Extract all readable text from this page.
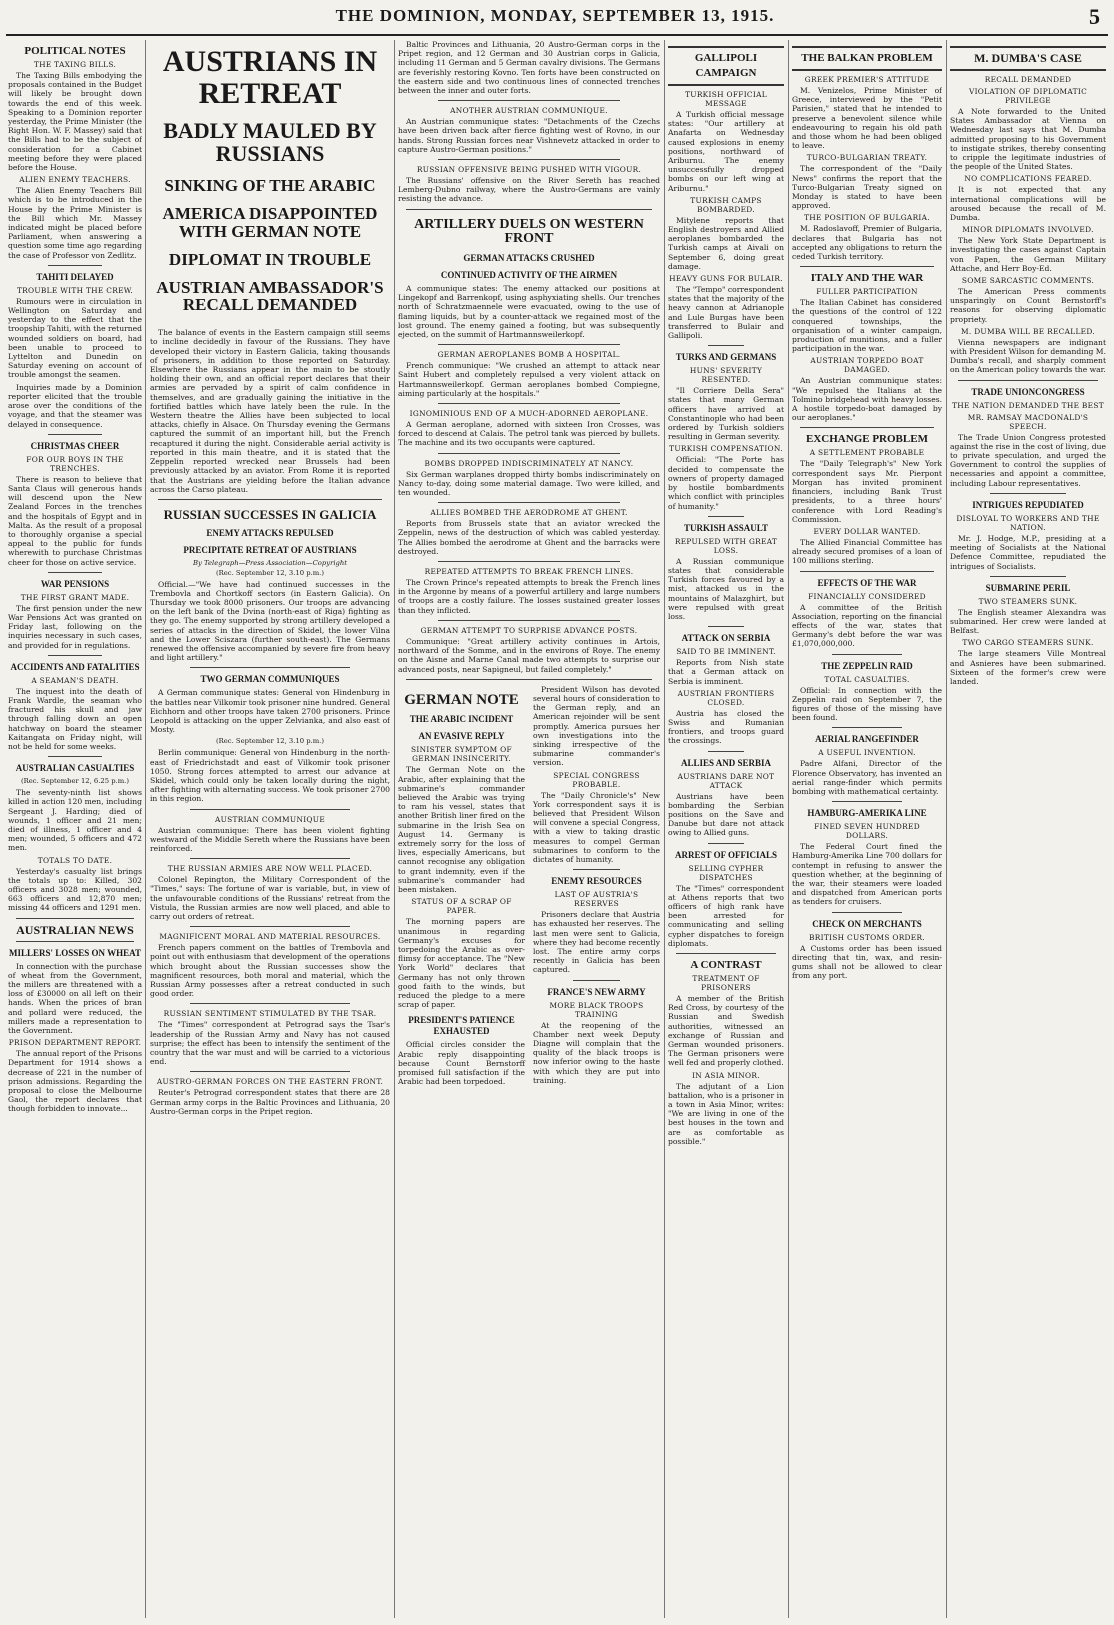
THE DOMINION, MONDAY, SEPTEMBER 13, 1915.	5
POLITICAL NOTES
THE TAXING BILLS.

The Taxing Bills embodying the proposals contained in the Budget will likely be brought down towards the end of this week. Speaking to a Dominion reporter yesterday, the Prime Minister (the Right Hon. W. F. Massey) said that the Bills had to be the subject of consideration for a Cabinet meeting before they were placed before the House.

ALIEN ENEMY TEACHERS.

The Alien Enemy Teachers Bill which is to be introduced in the House by the Prime Minister is the Bill which Mr. Massey indicated might be placed before Parliament, when answering a question some time ago regarding the case of Professor von Zedlitz.

TAHITI DELAYED
TROUBLE WITH THE CREW.

Rumours were in circulation in Wellington on Saturday and yesterday to the effect that the troopship Tahiti, with the returned wounded soldiers on board, had been unable to proceed to Lyttelton and Dunedin on Saturday evening on account of trouble amongst the seamen.

Inquiries made by a Dominion reporter elicited that the trouble arose over the conditions of the voyage, and that the steamer was delayed in consequence.

CHRISTMAS CHEER
FOR OUR BOYS IN THE TRENCHES.

There is reason to believe that Santa Claus will generous hands will descend upon the New Zealand Forces in the trenches and the hospitals of Egypt and in Malta. As the result of a proposal to thoroughly organise a special appeal to the public for funds wherewith to purchase Christmas cheer for those on active service.

WAR PENSIONS
THE FIRST GRANT MADE.

The first pension under the new War Pensions Act was granted on Friday last, following on the inquiries necessary in such cases, and provided for in regulations.

ACCIDENTS AND FATALITIES
A SEAMAN'S DEATH.

The inquest into the death of Frank Wardle, the seaman who fractured his skull and jaw through falling down an open hatchway on board the steamer Kaitangata on Friday night, will not be held for some weeks.

AUSTRALIAN CASUALTIES
(Rec. September 12, 6.25 p.m.)

The seventy-ninth list shows killed in action 120 men, including Sergeant J. Harding; died of wounds, 1 officer and 21 men; died of illness, 1 officer and 4 men; wounded, 5 officers and 472 men.

TOTALS TO DATE.

Yesterday's casualty list brings the totals up to: Killed, 302 officers and 3028 men; wounded, 663 officers and 12,870 men; missing 44 officers and 1291 men.

AUSTRALIAN NEWS
MILLERS' LOSSES ON WHEAT

In connection with the purchase of wheat from the Government, the millers are threatened with a loss of £30000 on all left on their hands. When the prices of bran and pollard were reduced, the millers made a representation to the Government.

PRISON DEPARTMENT REPORT.

The annual report of the Prisons Department for 1914 shows a decrease of 221 in the number of prison admissions. Regarding the proposal to close the Melbourne Gaol, the report declares that though forbidden to innovate...

AUSTRIANS IN RETREAT
BADLY MAULED BY RUSSIANS
SINKING OF THE ARABIC
AMERICA DISAPPOINTED WITH GERMAN NOTE
DIPLOMAT IN TROUBLE
AUSTRIAN AMBASSADOR'S RECALL DEMANDED

The balance of events in the Eastern campaign still seems to incline decidedly in favour of the Russians. They have developed their victory in Eastern Galicia, taking thousands of prisoners, in addition to those reported on Saturday. Elsewhere the Russians appear in the main to be stoutly holding their own, and an official report declares that their armies are pervaded by a spirit of calm confidence in themselves, and are gradually gaining the initiative in the fortified battles which have lately been the rule. In the Western theatre the Allies have been subjected to local attacks, chiefly in Alsace. On Thursday evening the Germans captured the summit of an important hill, but the French recaptured it during the night. Considerable aerial activity is reported in this main theatre, and it is stated that the Zeppelin reported wrecked near Brussels had been previously attacked by an aviator. From Rome it is reported that the Austrians are yielding before the Italian advance across the Carso plateau.

RUSSIAN SUCCESSES IN GALICIA
ENEMY ATTACKS REPULSED
PRECIPITATE RETREAT OF AUSTRIANS
By Telegraph—Press Association—Copyright
(Rec. September 12, 3.10 p.m.)

Official.—"We have had continued successes in the Trembovla and Chortkoff sectors (in Eastern Galicia). On Thursday we took 8000 prisoners. Our troops are advancing on the left bank of the Dvina (north-east of Riga) fighting as they go. The enemy supported by strong artillery developed a series of attacks in the direction of Skidel, the lower Vilna and the Lower Sciszara (further south-east). The Germans renewed the offensive accompanied by severe fire from heavy and light artillery."

TWO GERMAN COMMUNIQUES

A German communique states: General von Hindenburg in the battles near Vilkomir took prisoner nine hundred. General Eichhorn and other troops have taken 2700 prisoners. Prince Leopold is attacking on the upper Zelvianka, and also east of Mosty.

(Rec. September 12, 3.10 p.m.)

Berlin communique: General von Hindenburg in the north-east of Friedrichstadt and east of Vilkomir took prisoner 1050. Strong forces attempted to arrest our advance at Skidel, which could only be taken locally during the night, after fighting with alternating success. We took prisoner 2700 in this region.

AUSTRIAN COMMUNIQUE

Austrian communique: There has been violent fighting westward of the Middle Sereth where the Russians have been reinforced.

THE RUSSIAN ARMIES ARE NOW WELL PLACED.

Colonel Repington, the Military Correspondent of the "Times," says: The fortune of war is variable, but, in view of the unfavourable conditions of the Russians' retreat from the Vistula, the Russian armies are now well placed, and able to carry out orders of retreat.

MAGNIFICENT MORAL AND MATERIAL RESOURCES.

French papers comment on the battles of Trembovla and point out with enthusiasm that development of the operations which brought about the Russian successes show the magnificent resources, both moral and material, which the Russian Army possesses after a retreat conducted in such good order.

RUSSIAN SENTIMENT STIMULATED BY THE TSAR.

The "Times" correspondent at Petrograd says the Tsar's leadership of the Russian Army and Navy has not caused surprise; the effect has been to intensify the sentiment of the country that the war must and will be carried to a victorious end.

AUSTRO-GERMAN FORCES ON THE EASTERN FRONT.

Reuter's Petrograd correspondent states that there are 28 German army corps in the Baltic Provinces and Lithuania, 20 Austro-German corps in the Pripet region.

Baltic Provinces and Lithuania, 20 Austro-German corps in the Pripet region, and 12 German and 30 Austrian corps in Galicia, including 11 German and 5 German cavalry divisions. The Germans are feverishly restoring Kovno. Ten forts have been constructed on the eastern side and two continuous lines of connected trenches between the inner and outer forts.

ANOTHER AUSTRIAN COMMUNIQUE.

An Austrian communique states: "Detachments of the Czechs have been driven back after fierce fighting west of Rovno, in our hands. Strong Russian forces near Vishnevetz attacked in order to capture Austro-German positions."

RUSSIAN OFFENSIVE BEING PUSHED WITH VIGOUR.

The Russians' offensive on the River Sereth has reached Lemberg-Dubno railway, where the Austro-Germans are vainly resisting the advance.

ARTILLERY DUELS ON WESTERN FRONT
GERMAN ATTACKS CRUSHED
CONTINUED ACTIVITY OF THE AIRMEN

A communique states: The enemy attacked our positions at Lingekopf and Barrenkopf, using asphyxiating shells. Our trenches north of Schratzmaennele were evacuated, owing to the use of flaming liquids, but by a counter-attack we regained most of the lost ground. The enemy gained a footing, but was subsequently ejected, on the summit of Hartmannsweilerkopf.

GERMAN AEROPLANES BOMB A HOSPITAL.

French communique: "We crushed an attempt to attack near Saint Hubert and completely repulsed a very violent attack on Hartmannsweilerkopf. German aeroplanes bombed Compiegne, aiming particularly at the hospitals."

IGNOMINIOUS END OF A MUCH-ADORNED AEROPLANE.

A German aeroplane, adorned with sixteen Iron Crosses, was forced to descend at Calais. The petrol tank was pierced by bullets. The machine and its two occupants were captured.

BOMBS DROPPED INDISCRIMINATELY AT NANCY.

Six German warplanes dropped thirty bombs indiscriminately on Nancy to-day, doing some material damage. Two were killed, and ten wounded.

ALLIES BOMBED THE AERODROME AT GHENT.

Reports from Brussels state that an aviator wrecked the Zeppelin, news of the destruction of which was cabled yesterday. The Allies bombed the aerodrome at Ghent and the barracks were destroyed.

REPEATED ATTEMPTS TO BREAK FRENCH LINES.

The Crown Prince's repeated attempts to break the French lines in the Argonne by means of a powerful artillery and large numbers of troops are a costly failure. The losses sustained greater losses than they inflicted.

GERMAN ATTEMPT TO SURPRISE ADVANCE POSTS.

Communique: "Great artillery activity continues in Artois, northward of the Somme, and in the environs of Roye. The enemy on the Aisne and Marne Canal made two attempts to surprise our advanced posts, near Sapigneul, but failed completely."

GERMAN NOTE
THE ARABIC INCIDENT
AN EVASIVE REPLY
SINISTER SYMPTOM OF GERMAN INSINCERITY.

The German Note on the Arabic, after explaining that the submarine's commander believed the Arabic was trying to ram his vessel, states that another British liner fired on the submarine in the Irish Sea on August 14. Germany is extremely sorry for the loss of lives, especially Americans, but cannot recognise any obligation to grant indemnity, even if the submarine's commander had been mistaken.

STATUS OF A SCRAP OF PAPER.

The morning papers are unanimous in regarding Germany's excuses for torpedoing the Arabic as over-flimsy for acceptance. The "New York World" declares that Germany has not only thrown good faith to the winds, but reduced the pledge to a mere scrap of paper.

PRESIDENT'S PATIENCE EXHAUSTED

Official circles consider the Arabic reply disappointing because Count Bernstorff promised full satisfaction if the Arabic had been torpedoed.

President Wilson has devoted several hours of consideration to the German reply, and an American rejoinder will be sent promptly. America pursues her own investigations into the sinking irrespective of the submarine commander's version.

SPECIAL CONGRESS PROBABLE.

The "Daily Chronicle's" New York correspondent says it is believed that President Wilson will convene a special Congress, with a view to taking drastic measures to compel German submarines to conform to the dictates of humanity.

ENEMY RESOURCES
LAST OF AUSTRIA'S RESERVES

Prisoners declare that Austria has exhausted her reserves. The last men were sent to Galicia, where they had become recently lost. The entire army corps recently in Galicia has been captured.

FRANCE'S NEW ARMY
MORE BLACK TROOPS TRAINING

At the reopening of the Chamber next week Deputy Diagne will complain that the quality of the black troops is now inferior owing to the haste with which they are put into training.

GALLIPOLI CAMPAIGN
TURKISH OFFICIAL MESSAGE

A Turkish official message states: "Our artillery at Anafarta on Wednesday caused explosions in enemy positions, northward of Ariburnu. The enemy unsuccessfully dropped bombs on our left wing at Ariburnu."

TURKISH CAMPS BOMBARDED.

Mitylene reports that English destroyers and Allied aeroplanes bombarded the Turkish camps at Aivali on September 6, doing great damage.

HEAVY GUNS FOR BULAIR.

The "Tempo" correspondent states that the majority of the heavy cannon at Adrianople and Lule Burgas have been transferred to Bulair and Gallipoli.

TURKS AND GERMANS
HUNS' SEVERITY RESENTED.

"Il Corriere Della Sera" states that many German officers have arrived at Constantinople who had been ordered by Turkish soldiers resulting in German severity.

TURKISH COMPENSATION.

Official: "The Porte has decided to compensate the owners of property damaged by hostile bombardments which conflict with principles of humanity."

TURKISH ASSAULT
REPULSED WITH GREAT LOSS.

A Russian communique states that considerable Turkish forces favoured by a mist, attacked us in the mountains of Malazghirt, but were repulsed with great loss.

ATTACK ON SERBIA
SAID TO BE IMMINENT.

Reports from Nish state that a German attack on Serbia is imminent.

AUSTRIAN FRONTIERS CLOSED.

Austria has closed the Swiss and Rumanian frontiers, and troops guard the crossings.

ALLIES AND SERBIA
AUSTRIANS DARE NOT ATTACK

Austrians have been bombarding the Serbian positions on the Save and Danube but dare not attack owing to Allied guns.

ARREST OF OFFICIALS
SELLING CYPHER DISPATCHES

The "Times" correspondent at Athens reports that two officers of high rank have been arrested for communicating and selling cypher dispatches to foreign diplomats.

A CONTRAST
TREATMENT OF PRISONERS

A member of the British Red Cross, by courtesy of the Russian and Swedish authorities, witnessed an exchange of Russian and German wounded prisoners. The German prisoners were well fed and properly clothed.

IN ASIA MINOR.

The adjutant of a Lion battalion, who is a prisoner in a town in Asia Minor, writes: "We are living in one of the best houses in the town and are as comfortable as possible."

THE BALKAN PROBLEM
GREEK PREMIER'S ATTITUDE

M. Venizelos, Prime Minister of Greece, interviewed by the "Petit Parisien," stated that he intended to preserve a benevolent silence while endeavouring to regain his old path and those whom he had been obliged to leave.

TURCO-BULGARIAN TREATY.

The correspondent of the "Daily News" confirms the report that the Turco-Bulgarian Treaty signed on Monday is stated to have been approved.

THE POSITION OF BULGARIA.

M. Radoslavoff, Premier of Bulgaria, declares that Bulgaria has not accepted any obligations to return the ceded Turkish territory.

ITALY AND THE WAR
FULLER PARTICIPATION

The Italian Cabinet has considered the questions of the control of 122 conquered townships, the organisation of a winter campaign, production of munitions, and a fuller participation in the war.

AUSTRIAN TORPEDO BOAT DAMAGED.

An Austrian communique states: "We repulsed the Italians at the Tolmino bridgehead with heavy losses. A hostile torpedo-boat damaged by our aeroplanes."

EXCHANGE PROBLEM
A SETTLEMENT PROBABLE

The "Daily Telegraph's" New York correspondent says Mr. Pierpont Morgan has invited prominent financiers, including Bank Trust presidents, to a three hours' conference with Lord Reading's Commission.

EVERY DOLLAR WANTED.

The Allied Financial Committee has already secured promises of a loan of 100 millions sterling.

EFFECTS OF THE WAR
FINANCIALLY CONSIDERED

A committee of the British Association, reporting on the financial effects of the war, states that Germany's debt before the war was £1,070,000,000.

THE ZEPPELIN RAID
TOTAL CASUALTIES.

Official: In connection with the Zeppelin raid on September 7, the figures of those of the missing have been found.

AERIAL RANGEFINDER
A USEFUL INVENTION.

Padre Alfani, Director of the Florence Observatory, has invented an aerial range-finder which permits bombing with mathematical certainty.

HAMBURG-AMERIKA LINE
FINED SEVEN HUNDRED DOLLARS.

The Federal Court fined the Hamburg-Amerika Line 700 dollars for contempt in refusing to answer the question whether, at the beginning of the war, their steamers were loaded and dispatched from American ports as tenders for cruisers.

CHECK ON MERCHANTS
BRITISH CUSTOMS ORDER.

A Customs order has been issued directing that tin, wax, and resin-gums shall not be allowed to clear from any port.

M. DUMBA'S CASE
RECALL DEMANDED
VIOLATION OF DIPLOMATIC PRIVILEGE

A Note forwarded to the United States Ambassador at Vienna on Wednesday last says that M. Dumba admitted proposing to his Government to instigate strikes, thereby consenting to cripple the legitimate industries of the people of the United States.

NO COMPLICATIONS FEARED.

It is not expected that any international complications will be aroused because the recall of M. Dumba.

MINOR DIPLOMATS INVOLVED.

The New York State Department is investigating the cases against Captain von Papen, the German Military Attache, and Herr Boy-Ed.

SOME SARCASTIC COMMENTS.

The American Press comments unsparingly on Count Bernstorff's reasons for observing diplomatic propriety.

M. DUMBA WILL BE RECALLED.

Vienna newspapers are indignant with President Wilson for demanding M. Dumba's recall, and sharply comment on the American policy towards the war.

TRADE UNIONCONGRESS
THE NATION DEMANDED THE BEST
MR. RAMSAY MACDONALD'S SPEECH.

The Trade Union Congress protested against the rise in the cost of living, due to private speculation, and urged the Government to control the supplies of necessaries and appoint a committee, including Labour representatives.

INTRIGUES REPUDIATED
DISLOYAL TO WORKERS AND THE NATION.

Mr. J. Hodge, M.P., presiding at a meeting of Socialists at the National Defence Committee, repudiated the intrigues of Socialists.

SUBMARINE PERIL
TWO STEAMERS SUNK.

The English steamer Alexandra was submarined. Her crew were landed at Belfast.

TWO CARGO STEAMERS SUNK.

The large steamers Ville Montreal and Asnieres have been submarined. Sixteen of the former's crew were landed.
